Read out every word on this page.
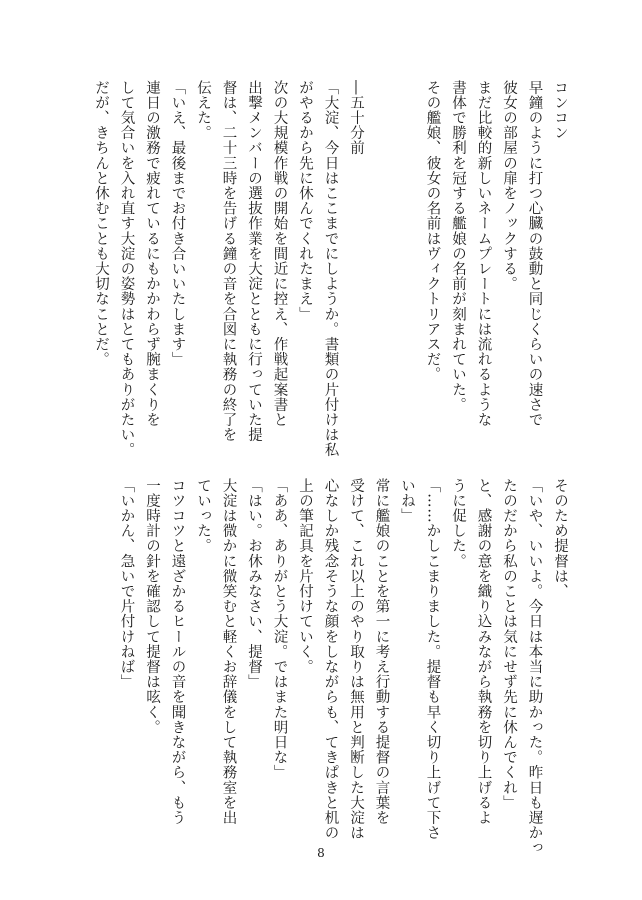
コンコン
早鐘のように打つ心臓の鼓動と同じくらいの速さで
彼女の部屋の扉をノックする。
まだ比較的新しいネームプレートには流れるような
書体で勝利を冠する艦娘の名前が刻まれていた。
その艦娘、彼女の名前はヴィクトリアスだ。
―五十分前
「大淀、今日はここまでにしようか。書類の片付けは私
がやるから先に休んでくれたまえ」
次の大規模作戦の開始を間近に控え、作戦起案書と
出撃メンバーの選抜作業を大淀とともに行っていた提
督は、二十三時を告げる鐘の音を合図に執務の終了を
伝えた。
「いえ、最後までお付き合いいたします」
連日の激務で疲れているにもかかわらず腕まくりを
して気合いを入れ直す大淀の姿勢はとてもありがたい。
だが、きちんと休むことも大切なことだ。
そのため提督は、
「いや、いいよ。今日は本当に助かった。昨日も遅かっ
たのだから私のことは気にせず先に休んでくれ」
と、感謝の意を織り込みながら執務を切り上げるよ
うに促した。
「……かしこまりました。提督も早く切り上げて下さ
いね」
常に艦娘のことを第一に考え行動する提督の言葉を
受けて、これ以上のやり取りは無用と判断した大淀は
心なしか残念そうな顔をしながらも、てきぱきと机の
上の筆記具を片付けていく。
「ああ、ありがとう大淀。ではまた明日な」
「はい。お休みなさい、提督」
大淀は微かに微笑むと軽くお辞儀をして執務室を出
ていった。
コツコツと遠ざかるヒールの音を聞きながら、もう
一度時計の針を確認して提督は呟く。
「いかん、急いで片付けねば」
8
